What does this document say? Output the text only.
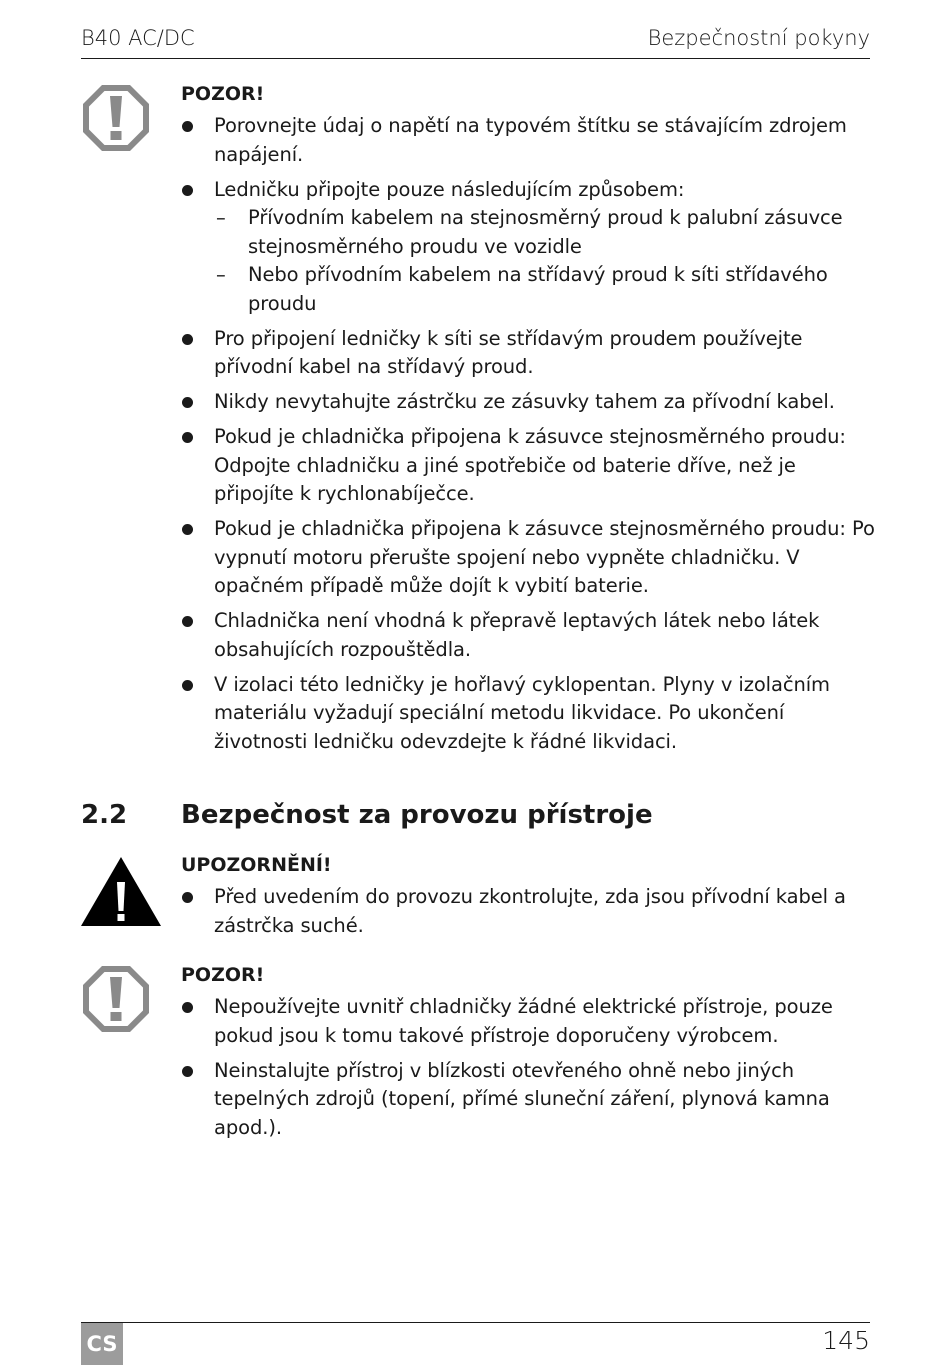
B40 AC/DC	Bezpečnostní pokyny
POZOR!
Porovnejte údaj o napětí na typovém štítku se stávajícím zdrojem napájení.
Ledničku připojte pouze následujícím způsobem:
– Přívodním kabelem na stejnosměrný proud k palubní zásuvce stejnosměrného proudu ve vozidle
– Nebo přívodním kabelem na střídavý proud k síti střídavého proudu
Pro připojení ledničky k síti se střídavým proudem používejte přívodní kabel na střídavý proud.
Nikdy nevytahujte zástrčku ze zásuvky tahem za přívodní kabel.
Pokud je chladnička připojena k zásuvce stejnosměrného proudu: Odpojte chladničku a jiné spotřebiče od baterie dříve, než je připojíte k rychlonabíječce.
Pokud je chladnička připojena k zásuvce stejnosměrného proudu: Po vypnutí motoru přerušte spojení nebo vypněte chladničku. V opačném případě může dojít k vybití baterie.
Chladnička není vhodná k přepravě leptavých látek nebo látek obsahujících rozpouštědla.
V izolaci této ledničky je hořlavý cyklopentan. Plyny v izolačním materiálu vyžadují speciální metodu likvidace. Po ukončení životnosti ledničku odevzdejte k řádné likvidaci.
2.2 Bezpečnost za provozu přístroje
UPOZORNĚNÍ!
Před uvedením do provozu zkontrolujte, zda jsou přívodní kabel a zástrčka suché.
POZOR!
Nepoužívejte uvnitř chladničky žádné elektrické přístroje, pouze pokud jsou k tomu takové přístroje doporučeny výrobcem.
Neinstalujte přístroj v blízkosti otevřeného ohně nebo jiných tepelných zdrojů (topení, přímé sluneční záření, plynová kamna apod.).
CS	145
